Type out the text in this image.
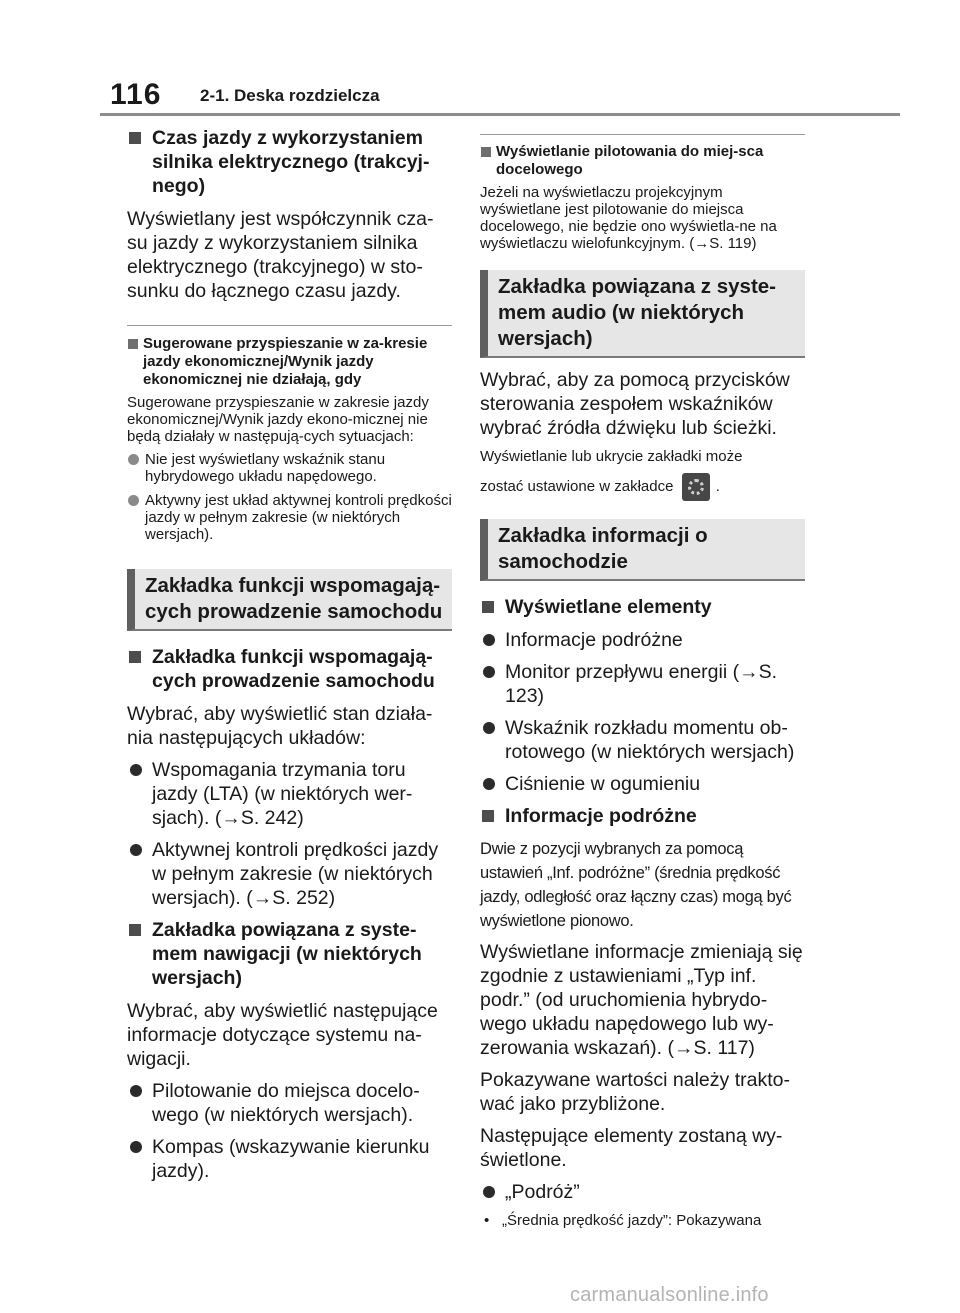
116 2-1. Deska rozdzielcza
Czas jazdy z wykorzystaniem silnika elektrycznego (trakcyj-nego)
Wyświetlany jest współczynnik cza-su jazdy z wykorzystaniem silnika elektrycznego (trakcyjnego) w sto-sunku do łącznego czasu jazdy.
Sugerowane przyspieszanie w za-kresie jazdy ekonomicznej/Wynik jazdy ekonomicznej nie działają, gdy
Sugerowane przyspieszanie w zakresie jazdy ekonomicznej/Wynik jazdy ekono-micznej nie będą działały w następują-cych sytuacjach:
Nie jest wyświetlany wskaźnik stanu hybrydowego układu napędowego.
Aktywny jest układ aktywnej kontroli prędkości jazdy w pełnym zakresie (w niektórych wersjach).
Zakładka funkcji wspomagają-cych prowadzenie samochodu
Zakładka funkcji wspomagają-cych prowadzenie samochodu
Wybrać, aby wyświetlić stan działa-nia następujących układów:
Wspomagania trzymania toru jazdy (LTA) (w niektórych wer-sjach). (→S. 242)
Aktywnej kontroli prędkości jazdy w pełnym zakresie (w niektórych wersjach). (→S. 252)
Zakładka powiązana z syste-mem nawigacji (w niektórych wersjach)
Wybrać, aby wyświetlić następujące informacje dotyczące systemu na-wigacji.
Pilotowanie do miejsca docelo-wego (w niektórych wersjach).
Kompas (wskazywanie kierunku jazdy).
Wyświetlanie pilotowania do miej-sca docelowego
Jeżeli na wyświetlaczu projekcyjnym wyświetlane jest pilotowanie do miejsca docelowego, nie będzie ono wyświetla-ne na wyświetlaczu wielofunkcyjnym. (→S. 119)
Zakładka powiązana z syste-mem audio (w niektórych wersjach)
Wybrać, aby za pomocą przycisków sterowania zespołem wskaźników wybrać źródła dźwięku lub ścieżki.
Wyświetlanie lub ukrycie zakładki może
zostać ustawione w zakładce	.
Zakładka informacji o samochodzie
Wyświetlane elementy
Informacje podróżne
Monitor przepływu energii (→S. 123)
Wskaźnik rozkładu momentu ob-rotowego (w niektórych wersjach)
Ciśnienie w ogumieniu
Informacje podróżne
Dwie z pozycji wybranych za pomocą ustawień „Inf. podróżne” (średnia prędkość jazdy, odległość oraz łączny czas) mogą być wyświetlone pionowo.
Wyświetlane informacje zmieniają się zgodnie z ustawieniami „Typ inf. podr.” (od uruchomienia hybrydo-wego układu napędowego lub wy-zerowania wskazań). (→S. 117)
Pokazywane wartości należy trakto-wać jako przybliżone.
Następujące elementy zostaną wy-świetlone.
„Podróż”
• „Średnia prędkość jazdy”: Pokazywana
carmanualsonline.info
